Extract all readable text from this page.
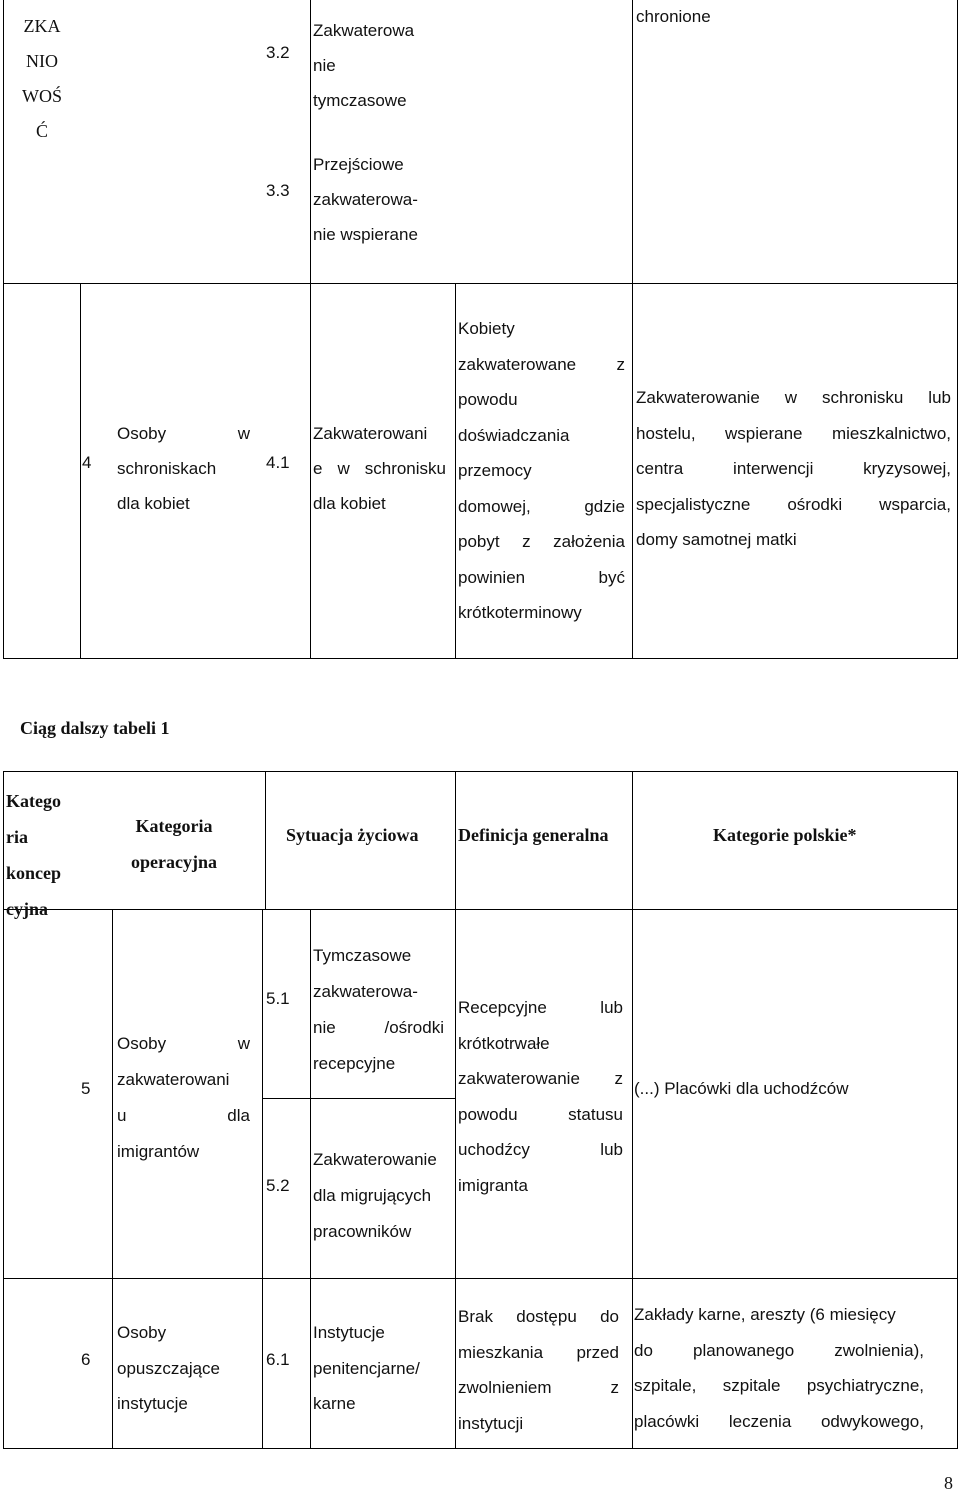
ZKA
NIO
WOŚ
Ć
3.2
Zakwaterowa
nie
tymczasowe
3.3
Przejściowe
zakwaterowa-
nie wspierane
chronione
4
Osoby w
schroniskach
dla kobiet
4.1
Zakwaterowani
e w schronisku
dla kobiet
Kobiety
zakwaterowane z
powodu
doświadczania
przemocy
domowej, gdzie
pobyt z założenia
powinien być
krótkoterminowy
Zakwaterowanie w schronisku lub
hostelu, wspierane mieszkalnictwo,
centra interwencji kryzysowej,
specjalistyczne ośrodki wsparcia,
domy samotnej matki
Ciąg dalszy tabeli 1
Katego
ria
koncep
cyjna
Kategoria
operacyjna
Sytuacja życiowa Definicja generalna	Kategorie polskie*
5
Osoby w
zakwaterowani
u dla
imigrantów
5.1
Tymczasowe
zakwaterowa-
nie /ośrodki
recepcyjne
5.2
Zakwaterowanie
dla migrujących
pracowników
Recepcyjne lub
krótkotrwałe
zakwaterowanie z
powodu statusu
uchodźcy lub
imigranta
(...) Placówki dla uchodźców
6
Osoby
opuszczające
instytucje
6.1
Instytucje
penitencjarne/
karne
Brak dostępu do
mieszkania przed
zwolnieniem z
instytucji
Zakłady karne, areszty (6 miesięcy
do planowanego zwolnienia),
szpitale, szpitale psychiatryczne,
placówki leczenia odwykowego,
8
